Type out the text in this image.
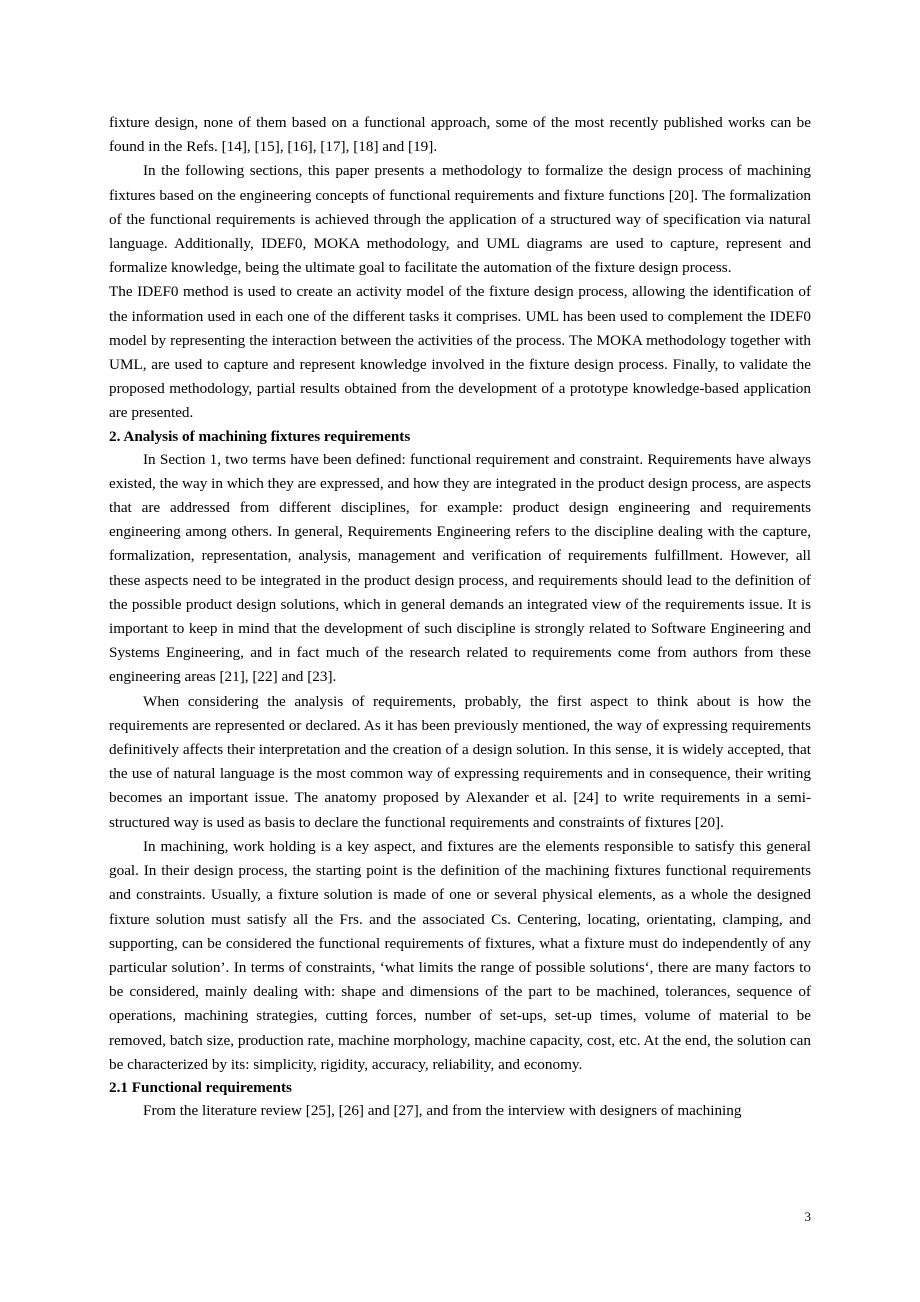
fixture design, none of them based on a functional approach, some of the most recently published works can be found in the Refs. [14], [15], [16], [17], [18] and [19].

In the following sections, this paper presents a methodology to formalize the design process of machining fixtures based on the engineering concepts of functional requirements and fixture functions [20]. The formalization of the functional requirements is achieved through the application of a structured way of specification via natural language. Additionally, IDEF0, MOKA methodology, and UML diagrams are used to capture, represent and formalize knowledge, being the ultimate goal to facilitate the automation of the fixture design process.

The IDEF0 method is used to create an activity model of the fixture design process, allowing the identification of the information used in each one of the different tasks it comprises. UML has been used to complement the IDEF0 model by representing the interaction between the activities of the process. The MOKA methodology together with UML, are used to capture and represent knowledge involved in the fixture design process. Finally, to validate the proposed methodology, partial results obtained from the development of a prototype knowledge-based application are presented.

2. Analysis of machining fixtures requirements

In Section 1, two terms have been defined: functional requirement and constraint. Requirements have always existed, the way in which they are expressed, and how they are integrated in the product design process, are aspects that are addressed from different disciplines, for example: product design engineering and requirements engineering among others. In general, Requirements Engineering refers to the discipline dealing with the capture, formalization, representation, analysis, management and verification of requirements fulfillment. However, all these aspects need to be integrated in the product design process, and requirements should lead to the definition of the possible product design solutions, which in general demands an integrated view of the requirements issue. It is important to keep in mind that the development of such discipline is strongly related to Software Engineering and Systems Engineering, and in fact much of the research related to requirements come from authors from these engineering areas [21], [22] and [23].

When considering the analysis of requirements, probably, the first aspect to think about is how the requirements are represented or declared. As it has been previously mentioned, the way of expressing requirements definitively affects their interpretation and the creation of a design solution. In this sense, it is widely accepted, that the use of natural language is the most common way of expressing requirements and in consequence, their writing becomes an important issue. The anatomy proposed by Alexander et al. [24] to write requirements in a semi-structured way is used as basis to declare the functional requirements and constraints of fixtures [20].

In machining, work holding is a key aspect, and fixtures are the elements responsible to satisfy this general goal. In their design process, the starting point is the definition of the machining fixtures functional requirements and constraints. Usually, a fixture solution is made of one or several physical elements, as a whole the designed fixture solution must satisfy all the Frs. and the associated Cs. Centering, locating, orientating, clamping, and supporting, can be considered the functional requirements of fixtures, what a fixture must do independently of any particular solution’. In terms of constraints, ‘what limits the range of possible solutions‘, there are many factors to be considered, mainly dealing with: shape and dimensions of the part to be machined, tolerances, sequence of operations, machining strategies, cutting forces, number of set-ups, set-up times, volume of material to be removed, batch size, production rate, machine morphology, machine capacity, cost, etc. At the end, the solution can be characterized by its: simplicity, rigidity, accuracy, reliability, and economy.

2.1 Functional requirements

From the literature review [25], [26] and [27], and from the interview with designers of machining

3
